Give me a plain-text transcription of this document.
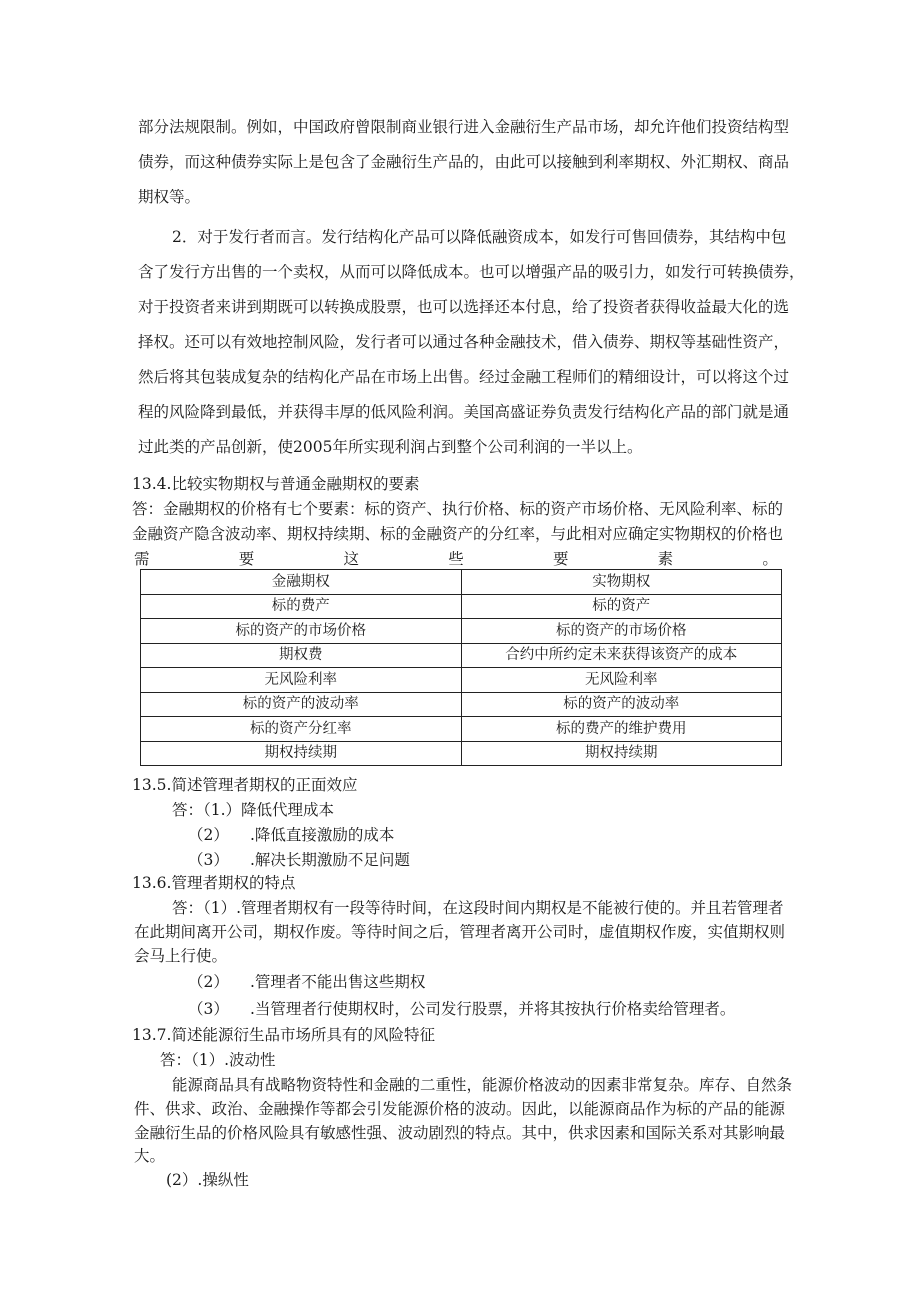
部分法规限制。例如，中国政府曾限制商业银行进入金融衍生产品市场，却允许他们投资结构型
债券，而这种债券实际上是包含了金融衍生产品的，由此可以接触到利率期权、外汇期权、商品
期权等。
2．对于发行者而言。发行结构化产品可以降低融资成本，如发行可售回债券，其结构中包
含了发行方出售的一个卖权，从而可以降低成本。也可以增强产品的吸引力，如发行可转换债券，
对于投资者来讲到期既可以转换成股票，也可以选择还本付息，给了投资者获得收益最大化的选
择权。还可以有效地控制风险，发行者可以通过各种金融技术，借入债券、期权等基础性资产，
然后将其包装成复杂的结构化产品在市场上出售。经过金融工程师们的精细设计，可以将这个过
程的风险降到最低，并获得丰厚的低风险利润。美国高盛证券负责发行结构化产品的部门就是通
过此类的产品创新，使2005年所实现利润占到整个公司利润的一半以上。
13.4.比较实物期权与普通金融期权的要素
答：金融期权的价格有七个要素：标的资产、执行价格、标的资产市场价格、无风险利率、标的
金融资产隐含波动率、期权持续期、标的金融资产的分红率，与此相对应确定实物期权的价格也
需	要	这	些	要	素	。
金融期权	实物期权
标的费产	标的资产
标的资产的市场价格	标的资产的市场价格
期权费	合约中所约定未来获得该资产的成本
无风险利率	无风险利率
标的资产的波动率	标的资产的波动率
标的资产分红率	标的费产的维护费用
期权持续期	期权持续期
13.5.简述管理者期权的正面效应
答：（1.）降低代理成本
（2） .降低直接激励的成本
（3） .解决长期激励不足问题
13.6.管理者期权的特点
答：（1）.管理者期权有一段等待时间，在这段时间内期权是不能被行使的。并且若管理者
在此期间离开公司，期权作废。等待时间之后，管理者离开公司时，虚值期权作废，实值期权则
会马上行使。
（2） .管理者不能出售这些期权
（3） .当管理者行使期权时，公司发行股票，并将其按执行价格卖给管理者。
13.7.简述能源衍生品市场所具有的风险特征
答：（1）.波动性
能源商品具有战略物资特性和金融的二重性，能源价格波动的因素非常复杂。库存、自然条
件、供求、政治、金融操作等都会引发能源价格的波动。因此，以能源商品作为标的产品的能源
金融衍生品的价格风险具有敏感性强、波动剧烈的特点。其中，供求因素和国际关系对其影响最
大。
(2）.操纵性
